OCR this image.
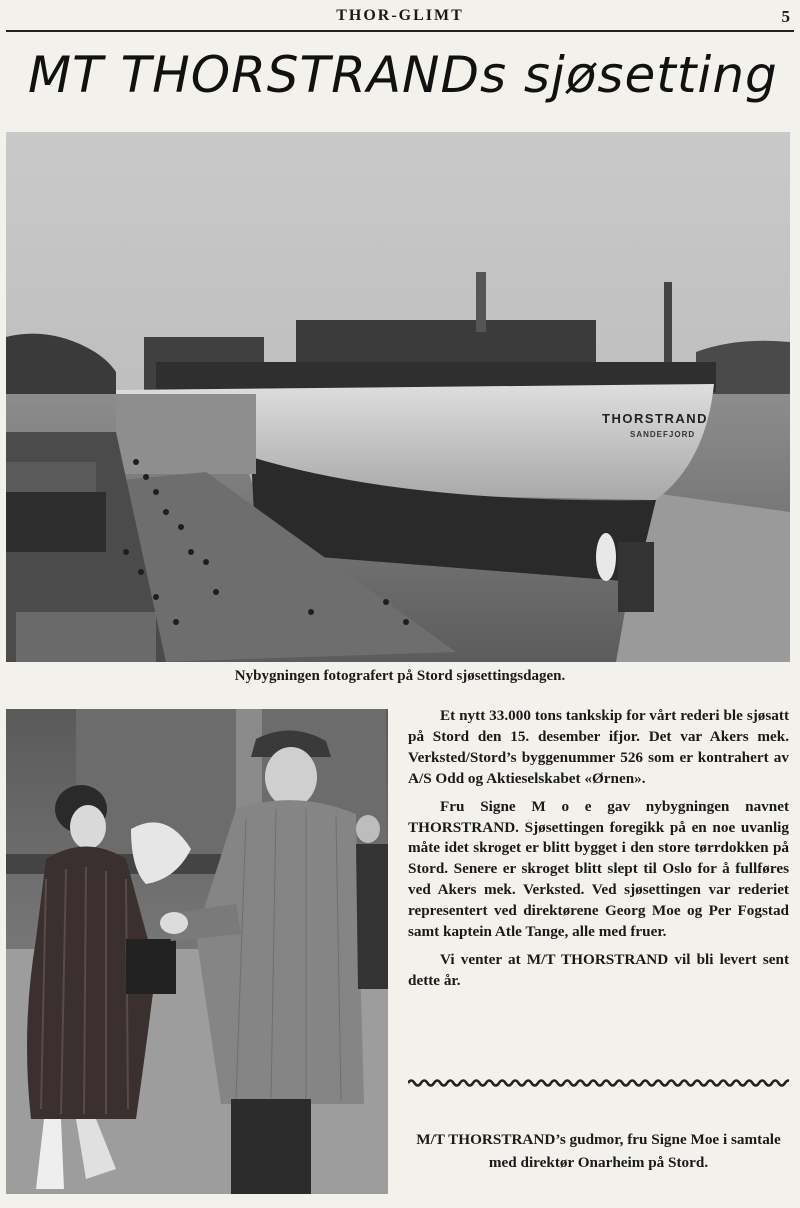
THOR-GLIMT	5
MT THORSTRANDs sjøsetting
THORSTRAND
SANDEFJORD
Nybygningen fotografert på Stord sjøsettingsdagen.

Et nytt 33.000 tons tankskip for vårt rederi ble sjøsatt på Stord den 15. desember ifjor. Det var Akers mek. Verksted/Stord’s byggenummer 526 som er kontrahert av A/S Odd og Aktieselskabet «Ørnen».

Fru Signe M o e gav nybygningen navnet THORSTRAND. Sjøsettingen foregikk på en noe uvanlig måte idet skroget er blitt bygget i den store tørrdokken på Stord. Senere er skroget blitt slept til Oslo for å fullføres ved Akers mek. Verksted. Ved sjøsettingen var rederiet representert ved direktørene Georg Moe og Per Fogstad samt kaptein Atle Tange, alle med fruer.

Vi venter at M/T THORSTRAND vil bli levert sent dette år.

M/T THORSTRAND’s gudmor, fru Signe Moe i samtale med direktør Onarheim på Stord.
